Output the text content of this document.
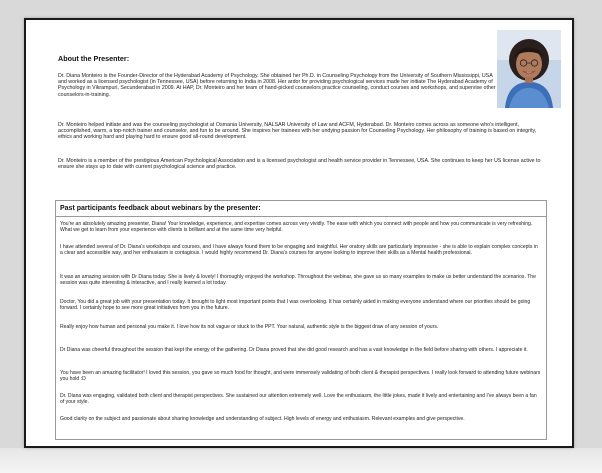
About the Presenter:

Dr. Diana Monteiro is the Founder-Director of the Hyderabad Academy of Psychology. She obtained her Ph.D. in Counseling Psychology from the University of Southern Mississippi, USA and worked as a licensed psychologist (in Tennessee, USA) before returning to India in 2008. Her ardor for providing psychological services made her initiate The Hyderabad Academy of Psychology in Vikrampuri, Secunderabad in 2009. At HAP, Dr. Monteiro and her team of hand-picked counselors practice counseling, conduct courses and workshops, and supervise other counselors-in-training.

Dr. Monteiro helped initiate and was the counseling psychologist at Osmania University, NALSAR University of Law and ACFM, Hyderabad. Dr. Monteiro comes across as someone who's intelligent, accomplished, warm, a top-notch trainer and counselor, and fun to be around. She inspires her trainees with her undying passion for Counseling Psychology. Her philosophy of training is based on integrity, ethics and working hard and playing hard to ensure good all-round development.

Dr. Monteiro is a member of the prestigious American Psychological Association and is a licensed psychologist and health service provider in Tennessee, USA. She continues to keep her US license active to ensure she stays up to date with current psychological science and practice.

Past participants feedback about webinars by the presenter:

You're an absolutely amazing presenter, Diana! Your knowledge, experience, and expertise comes across very vividly. The ease with which you connect with people and how you communicate is very refreshing. What we get to learn from your experience with clients is brilliant and at the same time very helpful.

I have attended several of Dr. Diana's workshops and courses, and I have always found them to be engaging and insightful. Her oratory skills are particularly impressive - she is able to explain complex concepts in a clear and accessible way, and her enthusiasm is contagious. I would highly recommend Dr. Diana's courses for anyone looking to improve their skills as a Mental health professional.

It was an amazing session with Dr Diana today. She is lively & lovely! I thoroughly enjoyed the workshop. Throughout the webinar, she gave us so many examples to make us better understand the scenarios. The session was quite interesting & interactive, and I really learned a lot today.

Doctor, You did a great job with your presentation today. It brought to light most important points that I was overlooking. It has certainly aided in making everyone understand where our priorities should be going forward. I certainly hope to see more great initiatives from you in the future.

Really enjoy how human and personal you make it. I love how its not vague or stuck to the PPT. Your natural, authentic style is the biggest draw of any session of yours.

Dr Diana was cheerful throughout the session that kept the energy of the gathering. Dr Diana proved that she did good research and has a vast knowledge in the field before sharing with others. I appreciate it.

You have been an amazing facilitator! I loved this session, you gave so much food for thought, and were immensely validating of both client & therapist perspectives. I really look forward to attending future webinars you hold :D

Dr. Diana was engaging, validated both client and therapist perspectives. She sustained our attention extremely well. Love the enthusiasm, the little jokes, made it lively and entertaining and I've always been a fan of your style.

Good clarity on the subject and passionate about sharing knowledge and understanding of subject. High levels of energy and enthusiasm. Relevant examples and give perspective.
